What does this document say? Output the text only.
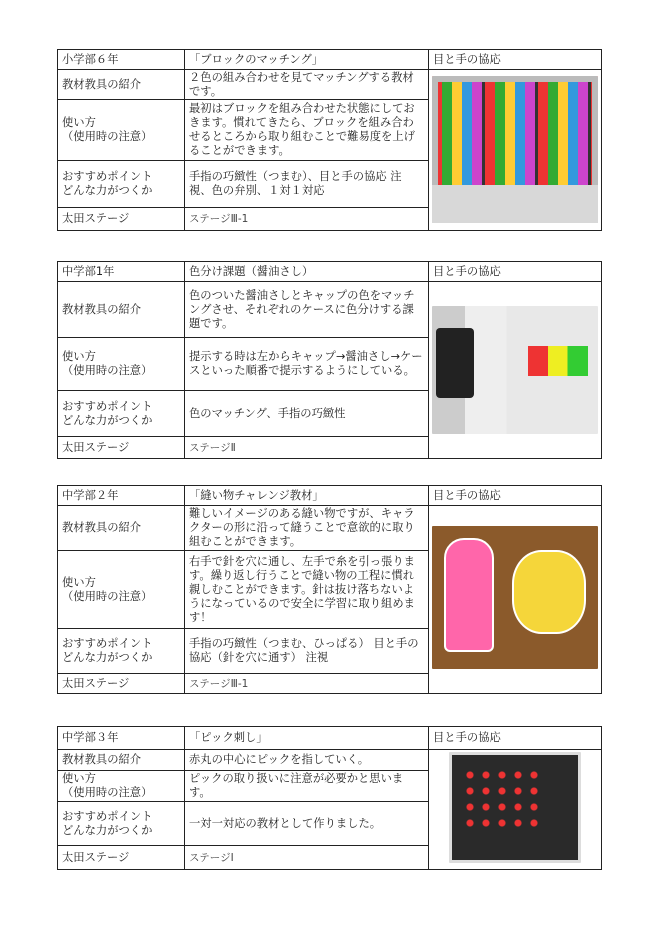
小学部６年	「ブロックのマッチング」	目と手の協応
教材教具の紹介	２色の組み合わせを見てマッチングする教材です。	

使い方
（使用時の注意）	最初はブロックを組み合わせた状態にしておきます。慣れてきたら、ブロックを組み合わせるところから取り組むことで難易度を上げることができます。	

おすすめポイント
どんな力がつくか	手指の巧緻性（つまむ）、目と手の協応 注視、色の弁別、１対１対応	
太田ステージ	ステージⅢ-1	
中学部1年	色分け課題（醤油さし）	目と手の協応
教材教具の紹介	色のついた醤油さしとキャップの色をマッチングさせ、それぞれのケースに色分けする課題です。	

使い方
（使用時の注意）	提示する時は左からキャップ→醤油さし→ケースといった順番で提示するようにしている。	

おすすめポイント
どんな力がつくか	色のマッチング、手指の巧緻性	
太田ステージ	ステージⅡ	
中学部２年	「縫い物チャレンジ教材」	目と手の協応
教材教具の紹介	難しいイメージのある縫い物ですが、キャラクターの形に沿って縫うことで意欲的に取り組むことができます。	

使い方
（使用時の注意）	右手で針を穴に通し、左手で糸を引っ張ります。繰り返し行うことで縫い物の工程に慣れ親しむことができます。針は抜け落ちないようになっているので安全に学習に取り組めます！	

おすすめポイント
どんな力がつくか	手指の巧緻性（つまむ、ひっぱる） 目と手の協応（針を穴に通す） 注視	
太田ステージ	ステージⅢ-1	
中学部３年	「ピック刺し」	目と手の協応
教材教具の紹介	赤丸の中心にピックを指していく。	

使い方
（使用時の注意）	ピックの取り扱いに注意が必要かと思います。	

おすすめポイント
どんな力がつくか	一対一対応の教材として作りました。	
太田ステージ	ステージⅠ	
